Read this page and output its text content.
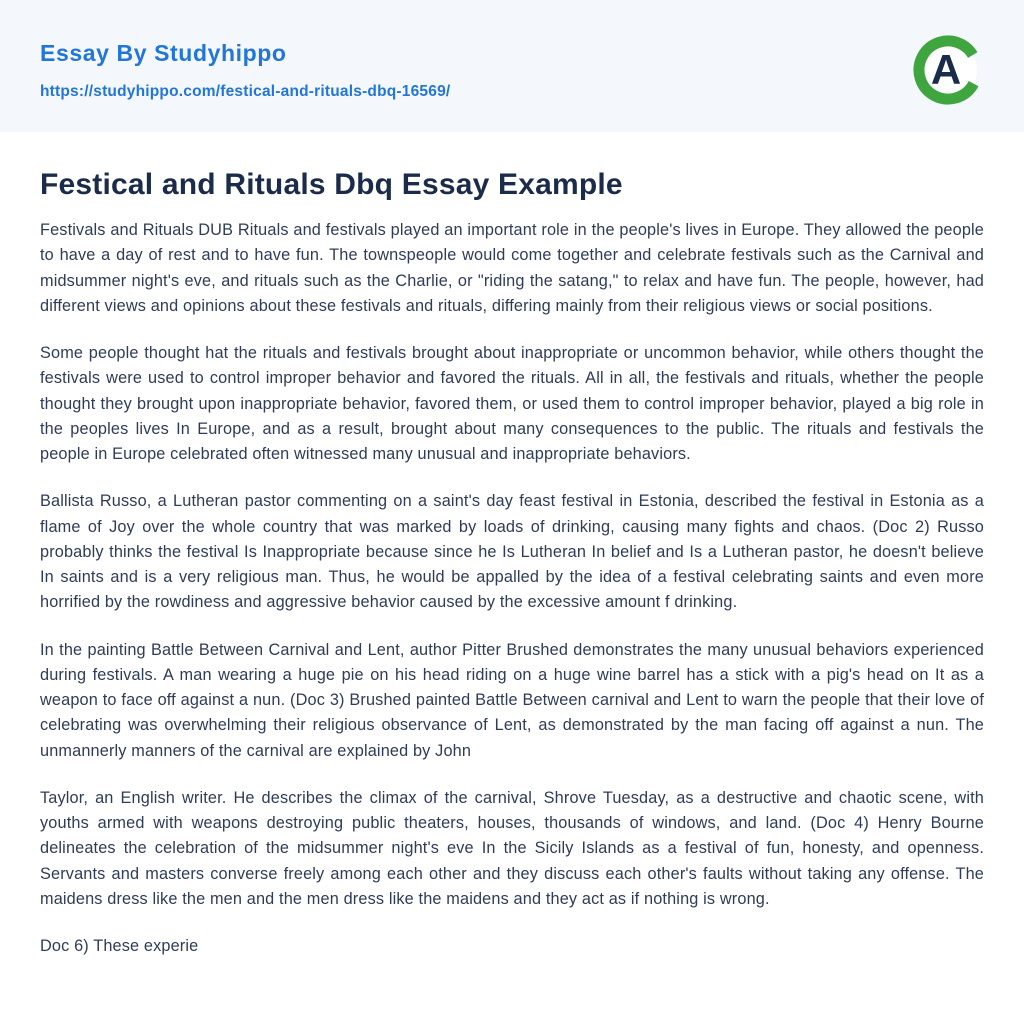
Essay By Studyhippo
https://studyhippo.com/festical-and-rituals-dbq-16569/	A
Festical and Rituals Dbq Essay Example

Festivals and Rituals DUB Rituals and festivals played an important role in the people's lives in Europe. They allowed the people to have a day of rest and to have fun. The townspeople would come together and celebrate festivals such as the Carnival and midsummer night's eve, and rituals such as the Charlie, or "riding the satang," to relax and have fun. The people, however, had different views and opinions about these festivals and rituals, differing mainly from their religious views or social positions.

Some people thought hat the rituals and festivals brought about inappropriate or uncommon behavior, while others thought the festivals were used to control improper behavior and favored the rituals. All in all, the festivals and rituals, whether the people thought they brought upon inappropriate behavior, favored them, or used them to control improper behavior, played a big role in the peoples lives In Europe, and as a result, brought about many consequences to the public. The rituals and festivals the people in Europe celebrated often witnessed many unusual and inappropriate behaviors.

Ballista Russo, a Lutheran pastor commenting on a saint's day feast festival in Estonia, described the festival in Estonia as a flame of Joy over the whole country that was marked by loads of drinking, causing many fights and chaos. (Doc 2) Russo probably thinks the festival Is Inappropriate because since he Is Lutheran In belief and Is a Lutheran pastor, he doesn't believe In saints and is a very religious man. Thus, he would be appalled by the idea of a festival celebrating saints and even more horrified by the rowdiness and aggressive behavior caused by the excessive amount f drinking.

In the painting Battle Between Carnival and Lent, author Pitter Brushed demonstrates the many unusual behaviors experienced during festivals. A man wearing a huge pie on his head riding on a huge wine barrel has a stick with a pig's head on It as a weapon to face off against a nun. (Doc 3) Brushed painted Battle Between carnival and Lent to warn the people that their love of celebrating was overwhelming their religious observance of Lent, as demonstrated by the man facing off against a nun. The unmannerly manners of the carnival are explained by John

Taylor, an English writer. He describes the climax of the carnival, Shrove Tuesday, as a destructive and chaotic scene, with youths armed with weapons destroying public theaters, houses, thousands of windows, and land. (Doc 4) Henry Bourne delineates the celebration of the midsummer night's eve In the Sicily Islands as a festival of fun, honesty, and openness. Servants and masters converse freely among each other and they discuss each other's faults without taking any offense. The maidens dress like the men and the men dress like the maidens and they act as if nothing is wrong.

Doc 6) These experie
